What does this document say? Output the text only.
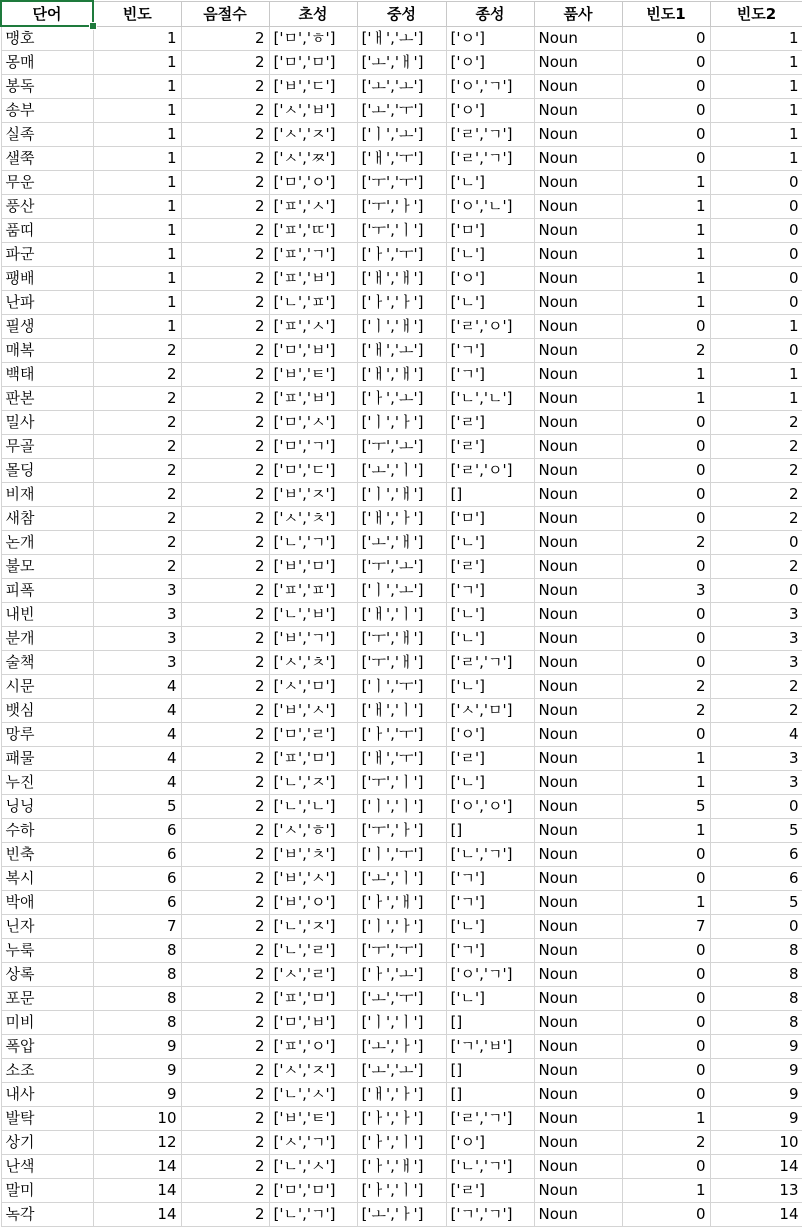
단어	빈도	음절수	초성	중성	종성	품사	빈도1	빈도2
맹호	1	2	['ㅁ','ㅎ']	['ㅐ','ㅗ']	['ㅇ']	Noun	0	1
몽매	1	2	['ㅁ','ㅁ']	['ㅗ','ㅐ']	['ㅇ']	Noun	0	1
봉독	1	2	['ㅂ','ㄷ']	['ㅗ','ㅗ']	['ㅇ','ㄱ']	Noun	0	1
송부	1	2	['ㅅ','ㅂ']	['ㅗ','ㅜ']	['ㅇ']	Noun	0	1
실족	1	2	['ㅅ','ㅈ']	['ㅣ','ㅗ']	['ㄹ','ㄱ']	Noun	0	1
샐쭉	1	2	['ㅅ','ㅉ']	['ㅐ','ㅜ']	['ㄹ','ㄱ']	Noun	0	1
무운	1	2	['ㅁ','ㅇ']	['ㅜ','ㅜ']	['ㄴ']	Noun	1	0
풍산	1	2	['ㅍ','ㅅ']	['ㅜ','ㅏ']	['ㅇ','ㄴ']	Noun	1	0
품띠	1	2	['ㅍ','ㄸ']	['ㅜ','ㅣ']	['ㅁ']	Noun	1	0
파군	1	2	['ㅍ','ㄱ']	['ㅏ','ㅜ']	['ㄴ']	Noun	1	0
팽배	1	2	['ㅍ','ㅂ']	['ㅐ','ㅐ']	['ㅇ']	Noun	1	0
난파	1	2	['ㄴ','ㅍ']	['ㅏ','ㅏ']	['ㄴ']	Noun	1	0
필생	1	2	['ㅍ','ㅅ']	['ㅣ','ㅐ']	['ㄹ','ㅇ']	Noun	0	1
매복	2	2	['ㅁ','ㅂ']	['ㅐ','ㅗ']	['ㄱ']	Noun	2	0
백태	2	2	['ㅂ','ㅌ']	['ㅐ','ㅐ']	['ㄱ']	Noun	1	1
판본	2	2	['ㅍ','ㅂ']	['ㅏ','ㅗ']	['ㄴ','ㄴ']	Noun	1	1
밀사	2	2	['ㅁ','ㅅ']	['ㅣ','ㅏ']	['ㄹ']	Noun	0	2
무골	2	2	['ㅁ','ㄱ']	['ㅜ','ㅗ']	['ㄹ']	Noun	0	2
몰딩	2	2	['ㅁ','ㄷ']	['ㅗ','ㅣ']	['ㄹ','ㅇ']	Noun	0	2
비재	2	2	['ㅂ','ㅈ']	['ㅣ','ㅐ']	[]	Noun	0	2
새참	2	2	['ㅅ','ㅊ']	['ㅐ','ㅏ']	['ㅁ']	Noun	0	2
논개	2	2	['ㄴ','ㄱ']	['ㅗ','ㅐ']	['ㄴ']	Noun	2	0
불모	2	2	['ㅂ','ㅁ']	['ㅜ','ㅗ']	['ㄹ']	Noun	0	2
피폭	3	2	['ㅍ','ㅍ']	['ㅣ','ㅗ']	['ㄱ']	Noun	3	0
내빈	3	2	['ㄴ','ㅂ']	['ㅐ','ㅣ']	['ㄴ']	Noun	0	3
분개	3	2	['ㅂ','ㄱ']	['ㅜ','ㅐ']	['ㄴ']	Noun	0	3
술책	3	2	['ㅅ','ㅊ']	['ㅜ','ㅐ']	['ㄹ','ㄱ']	Noun	0	3
시문	4	2	['ㅅ','ㅁ']	['ㅣ','ㅜ']	['ㄴ']	Noun	2	2
뱃심	4	2	['ㅂ','ㅅ']	['ㅐ','ㅣ']	['ㅅ','ㅁ']	Noun	2	2
망루	4	2	['ㅁ','ㄹ']	['ㅏ','ㅜ']	['ㅇ']	Noun	0	4
패물	4	2	['ㅍ','ㅁ']	['ㅐ','ㅜ']	['ㄹ']	Noun	1	3
누진	4	2	['ㄴ','ㅈ']	['ㅜ','ㅣ']	['ㄴ']	Noun	1	3
닝닝	5	2	['ㄴ','ㄴ']	['ㅣ','ㅣ']	['ㅇ','ㅇ']	Noun	5	0
수하	6	2	['ㅅ','ㅎ']	['ㅜ','ㅏ']	[]	Noun	1	5
빈축	6	2	['ㅂ','ㅊ']	['ㅣ','ㅜ']	['ㄴ','ㄱ']	Noun	0	6
복시	6	2	['ㅂ','ㅅ']	['ㅗ','ㅣ']	['ㄱ']	Noun	0	6
박애	6	2	['ㅂ','ㅇ']	['ㅏ','ㅐ']	['ㄱ']	Noun	1	5
닌자	7	2	['ㄴ','ㅈ']	['ㅣ','ㅏ']	['ㄴ']	Noun	7	0
누룩	8	2	['ㄴ','ㄹ']	['ㅜ','ㅜ']	['ㄱ']	Noun	0	8
상록	8	2	['ㅅ','ㄹ']	['ㅏ','ㅗ']	['ㅇ','ㄱ']	Noun	0	8
포문	8	2	['ㅍ','ㅁ']	['ㅗ','ㅜ']	['ㄴ']	Noun	0	8
미비	8	2	['ㅁ','ㅂ']	['ㅣ','ㅣ']	[]	Noun	0	8
폭압	9	2	['ㅍ','ㅇ']	['ㅗ','ㅏ']	['ㄱ','ㅂ']	Noun	0	9
소조	9	2	['ㅅ','ㅈ']	['ㅗ','ㅗ']	[]	Noun	0	9
내사	9	2	['ㄴ','ㅅ']	['ㅐ','ㅏ']	[]	Noun	0	9
발탁	10	2	['ㅂ','ㅌ']	['ㅏ','ㅏ']	['ㄹ','ㄱ']	Noun	1	9
상기	12	2	['ㅅ','ㄱ']	['ㅏ','ㅣ']	['ㅇ']	Noun	2	10
난색	14	2	['ㄴ','ㅅ']	['ㅏ','ㅐ']	['ㄴ','ㄱ']	Noun	0	14
말미	14	2	['ㅁ','ㅁ']	['ㅏ','ㅣ']	['ㄹ']	Noun	1	13
녹각	14	2	['ㄴ','ㄱ']	['ㅗ','ㅏ']	['ㄱ','ㄱ']	Noun	0	14
